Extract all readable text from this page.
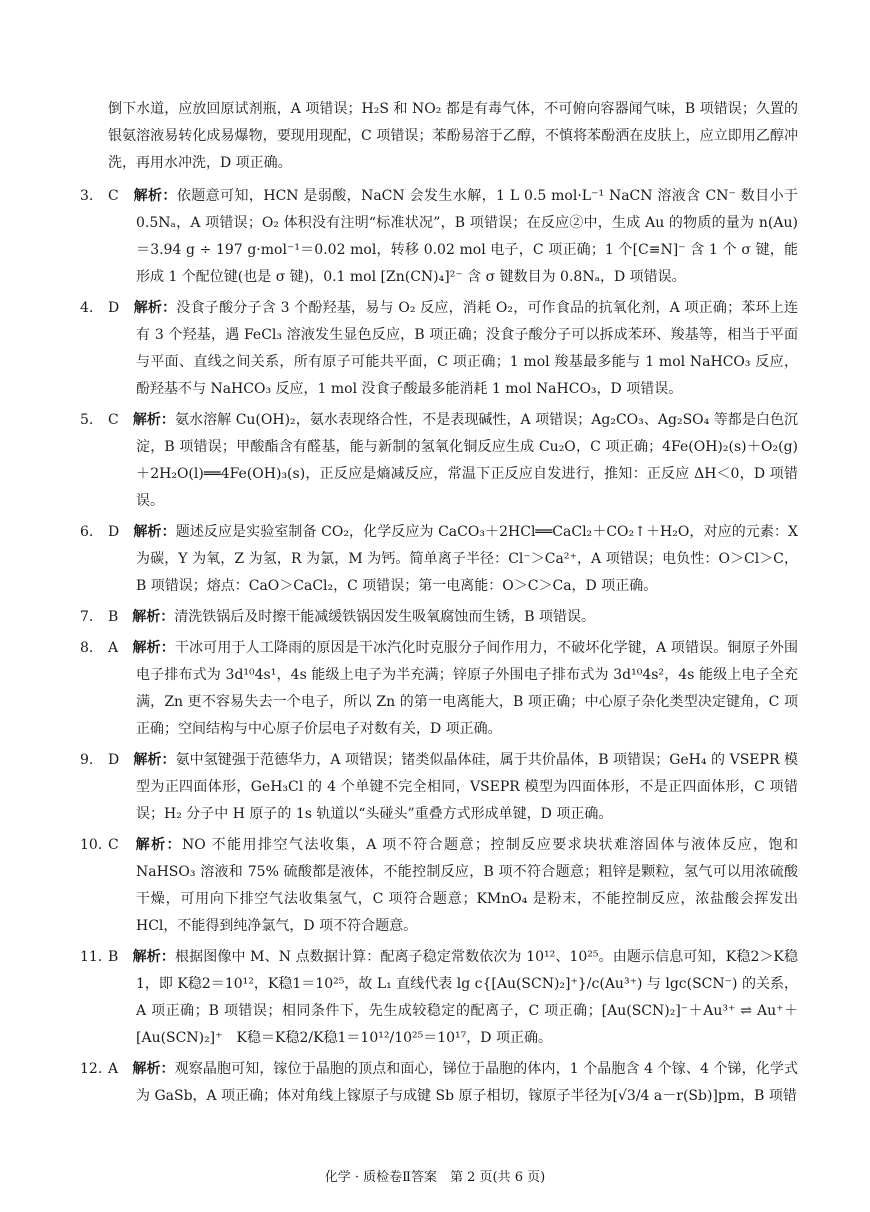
倒下水道，应放回原试剂瓶，A 项错误；H₂S 和 NO₂ 都是有毒气体，不可俯向容器闻气味，B 项错误；久置的银氨溶液易转化成易爆物，要现用现配，C 项错误；苯酚易溶于乙醇，不慎将苯酚洒在皮肤上，应立即用乙醇冲洗，再用水冲洗，D 项正确。

3. C　 解析：依题意可知，HCN 是弱酸，NaCN 会发生水解，1 L 0.5 mol·L⁻¹ NaCN 溶液含 CN⁻ 数目小于 0.5Nₐ，A 项错误；O₂ 体积没有注明“标准状况”，B 项错误；在反应②中，生成 Au 的物质的量为 n(Au)＝3.94 g ÷ 197 g·mol⁻¹＝0.02 mol，转移 0.02 mol 电子，C 项正确；1 个[C≡N]⁻ 含 1 个 σ 键，能形成 1 个配位键(也是 σ 键)，0.1 mol [Zn(CN)₄]²⁻ 含 σ 键数目为 0.8Nₐ，D 项错误。

4. D　 解析：没食子酸分子含 3 个酚羟基，易与 O₂ 反应，消耗 O₂，可作食品的抗氧化剂，A 项正确；苯环上连有 3 个羟基，遇 FeCl₃ 溶液发生显色反应，B 项正确；没食子酸分子可以拆成苯环、羧基等，相当于平面与平面、直线之间关系，所有原子可能共平面，C 项正确；1 mol 羧基最多能与 1 mol NaHCO₃ 反应，酚羟基不与 NaHCO₃ 反应，1 mol 没食子酸最多能消耗 1 mol NaHCO₃，D 项错误。

5. C　 解析：氨水溶解 Cu(OH)₂，氨水表现络合性，不是表现碱性，A 项错误；Ag₂CO₃、Ag₂SO₄ 等都是白色沉淀，B 项错误；甲酸酯含有醛基，能与新制的氢氧化铜反应生成 Cu₂O，C 项正确；4Fe(OH)₂(s)＋O₂(g)＋2H₂O(l)══4Fe(OH)₃(s)，正反应是熵减反应，常温下正反应自发进行，推知：正反应 ΔH＜0，D 项错误。

6. D　 解析：题述反应是实验室制备 CO₂，化学反应为 CaCO₃＋2HCl══CaCl₂＋CO₂↑＋H₂O，对应的元素：X 为碳，Y 为氧，Z 为氢，R 为氯，M 为钙。简单离子半径：Cl⁻＞Ca²⁺，A 项错误；电负性：O＞Cl＞C，B 项错误；熔点：CaO＞CaCl₂，C 项错误；第一电离能：O＞C＞Ca，D 项正确。

7. B　 解析：清洗铁锅后及时擦干能减缓铁锅因发生吸氧腐蚀而生锈，B 项错误。

8. A　 解析：干冰可用于人工降雨的原因是干冰汽化时克服分子间作用力，不破坏化学键，A 项错误。铜原子外围电子排布式为 3d¹⁰4s¹，4s 能级上电子为半充满；锌原子外围电子排布式为 3d¹⁰4s²，4s 能级上电子全充满，Zn 更不容易失去一个电子，所以 Zn 的第一电离能大，B 项正确；中心原子杂化类型决定键角，C 项正确；空间结构与中心原子价层电子对数有关，D 项正确。

9. D　 解析：氨中氢键强于范德华力，A 项错误；锗类似晶体硅，属于共价晶体，B 项错误；GeH₄ 的 VSEPR 模型为正四面体形，GeH₃Cl 的 4 个单键不完全相同，VSEPR 模型为四面体形，不是正四面体形，C 项错误；H₂ 分子中 H 原子的 1s 轨道以“头碰头”重叠方式形成单键，D 项正确。

10. C　 解析：NO 不能用排空气法收集，A 项不符合题意；控制反应要求块状难溶固体与液体反应，饱和 NaHSO₃ 溶液和 75% 硫酸都是液体，不能控制反应，B 项不符合题意；粗锌是颗粒，氢气可以用浓硫酸干燥，可用向下排空气法收集氢气，C 项符合题意；KMnO₄ 是粉末，不能控制反应，浓盐酸会挥发出 HCl，不能得到纯净氯气，D 项不符合题意。

11. B　 解析：根据图像中 M、N 点数据计算：配离子稳定常数依次为 10¹²、10²⁵。由题示信息可知，K稳2＞K稳1，即 K稳2＝10¹²，K稳1＝10²⁵，故 L₁ 直线代表 lg c{[Au(SCN)₂]⁺}/c(Au³⁺) 与 lgc(SCN⁻) 的关系，A 项正确；B 项错误；相同条件下，先生成较稳定的配离子，C 项正确；[Au(SCN)₂]⁻＋Au³⁺ ⇌ Au⁺＋[Au(SCN)₂]⁺　K稳＝K稳2/K稳1＝10¹²/10²⁵＝10¹⁷，D 项正确。

12. A　 解析：观察晶胞可知，镓位于晶胞的顶点和面心，锑位于晶胞的体内，1 个晶胞含 4 个镓、4 个锑，化学式为 GaSb，A 项正确；体对角线上镓原子与成键 Sb 原子相切，镓原子半径为[√3/4 a－r(Sb)]pm，B 项错

化学 · 质检卷Ⅱ答案　第 2 页(共 6 页)
